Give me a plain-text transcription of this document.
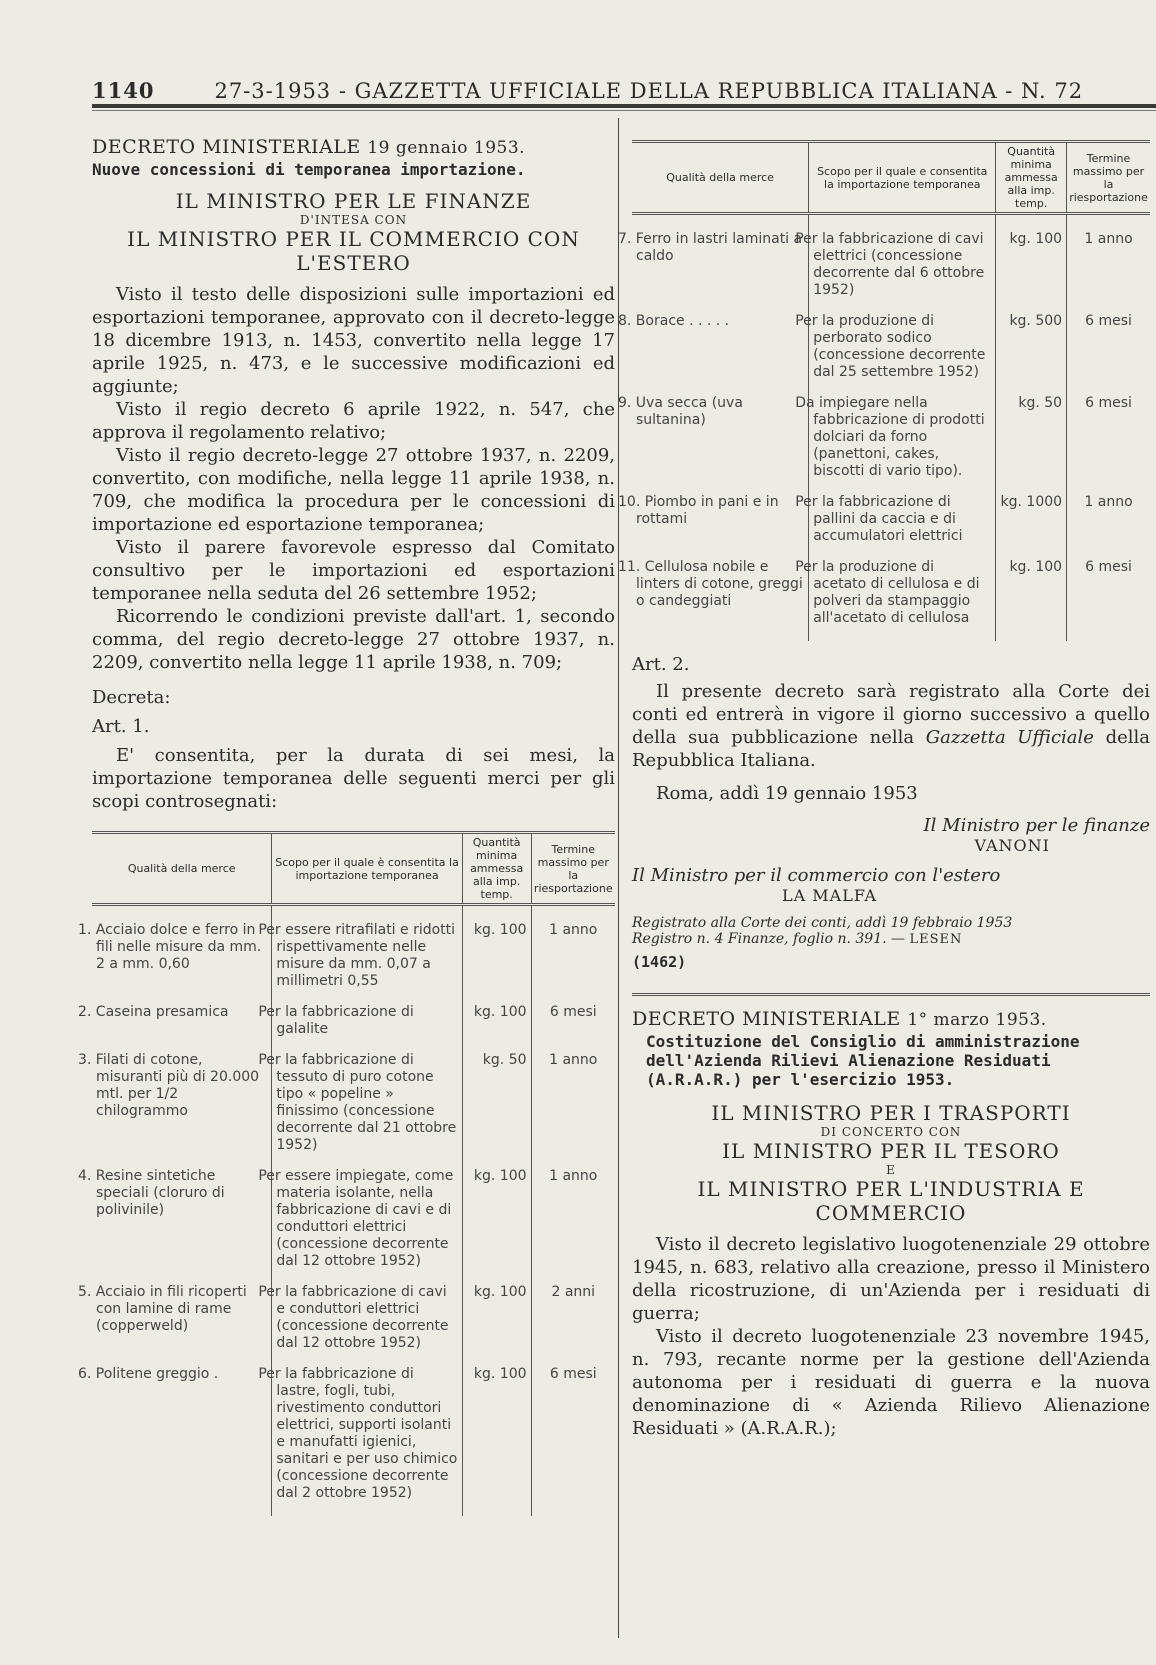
1140	27-3-1953 - GAZZETTA UFFICIALE DELLA REPUBBLICA ITALIANA - N. 72
DECRETO MINISTERIALE 19 gennaio 1953.
Nuove concessioni di temporanea importazione.
IL MINISTRO PER LE FINANZE
D'INTESA CON
IL MINISTRO PER IL COMMERCIO CON L'ESTERO

Visto il testo delle disposizioni sulle importazioni ed esportazioni temporanee, approvato con il decreto-legge 18 dicembre 1913, n. 1453, convertito nella legge 17 aprile 1925, n. 473, e le successive modificazioni ed aggiunte;

Visto il regio decreto 6 aprile 1922, n. 547, che approva il regolamento relativo;

Visto il regio decreto-legge 27 ottobre 1937, n. 2209, convertito, con modifiche, nella legge 11 aprile 1938, n. 709, che modifica la procedura per le concessioni di importazione ed esportazione temporanea;

Visto il parere favorevole espresso dal Comitato consultivo per le importazioni ed esportazioni temporanee nella seduta del 26 settembre 1952;

Ricorrendo le condizioni previste dall'art. 1, secondo comma, del regio decreto-legge 27 ottobre 1937, n. 2209, convertito nella legge 11 aprile 1938, n. 709;

Decreta:
Art. 1.

E' consentita, per la durata di sei mesi, la importazione temporanea delle seguenti merci per gli scopi controsegnati:

Qualità della merce	Scopo per il quale è consentita la importazione temporanea	Quantità minima ammessa alla imp. temp.	Termine massimo per la riesportazione

1. Acciaio dolce e ferro in fili nelle misure da mm. 2 a mm. 0,60	Per essere ritrafilati e ridotti rispettivamente nelle misure da mm. 0,07 a millimetri 0,55	kg. 100	1 anno
2. Caseina presamica	Per la fabbricazione di galalite	kg. 100	6 mesi
3. Filati di cotone, misuranti più di 20.000 mtl. per 1/2 chilogrammo	Per la fabbricazione di tessuto di puro cotone tipo « popeline » finissimo (concessione decorrente dal 21 ottobre 1952)	kg. 50	1 anno
4. Resine sintetiche speciali (cloruro di polivinile)	Per essere impiegate, come materia isolante, nella fabbricazione di cavi e di conduttori elettrici (concessione decorrente dal 12 ottobre 1952)	kg. 100	1 anno
5. Acciaio in fili ricoperti con lamine di rame (copperweld)	Per la fabbricazione di cavi e conduttori elettrici (concessione decorrente dal 12 ottobre 1952)	kg. 100	2 anni
6. Politene greggio .	Per la fabbricazione di lastre, fogli, tubi, rivestimento conduttori elettrici, supporti isolanti e manufatti igienici, sanitari e per uso chimico (concessione decorrente dal 2 ottobre 1952)	kg. 100	6 mesi
Qualità della merce	Scopo per il quale e consentita la importazione temporanea	Quantità minima ammessa alla imp. temp.	Termine massimo per la riesportazione

7. Ferro in lastri laminati a caldo	Per la fabbricazione di cavi elettrici (concessione decorrente dal 6 ottobre 1952)	kg. 100	1 anno
8. Borace . . . . .	Per la produzione di perborato sodico (concessione decorrente dal 25 settembre 1952)	kg. 500	6 mesi
9. Uva secca (uva sultanina)	Da impiegare nella fabbricazione di prodotti dolciari da forno (panettoni, cakes, biscotti di vario tipo).	kg. 50	6 mesi
10. Piombo in pani e in rottami	Per la fabbricazione di pallini da caccia e di accumulatori elettrici	kg. 1000	1 anno
11. Cellulosa nobile e linters di cotone, greggi o candeggiati	Per la produzione di acetato di cellulosa e di polveri da stampaggio all'acetato di cellulosa	kg. 100	6 mesi
Art. 2.

Il presente decreto sarà registrato alla Corte dei conti ed entrerà in vigore il giorno successivo a quello della sua pubblicazione nella Gazzetta Ufficiale della Repubblica Italiana.

Roma, addì 19 gennaio 1953

Il Ministro per le finanze
VANONI
Il Ministro per il commercio con l'estero
LA MALFA
Registrato alla Corte dei conti, addì 19 febbraio 1953
Registro n. 4 Finanze, foglio n. 391. — LESEN
(1462)
DECRETO MINISTERIALE 1° marzo 1953.
Costituzione del Consiglio di amministrazione dell'Azienda Rilievi Alienazione Residuati (A.R.A.R.) per l'esercizio 1953.
IL MINISTRO PER I TRASPORTI
DI CONCERTO CON
IL MINISTRO PER IL TESORO
E
IL MINISTRO PER L'INDUSTRIA E COMMERCIO

Visto il decreto legislativo luogotenenziale 29 ottobre 1945, n. 683, relativo alla creazione, presso il Ministero della ricostruzione, di un'Azienda per i residuati di guerra;

Visto il decreto luogotenenziale 23 novembre 1945, n. 793, recante norme per la gestione dell'Azienda autonoma per i residuati di guerra e la nuova denominazione di « Azienda Rilievo Alienazione Residuati » (A.R.A.R.);
